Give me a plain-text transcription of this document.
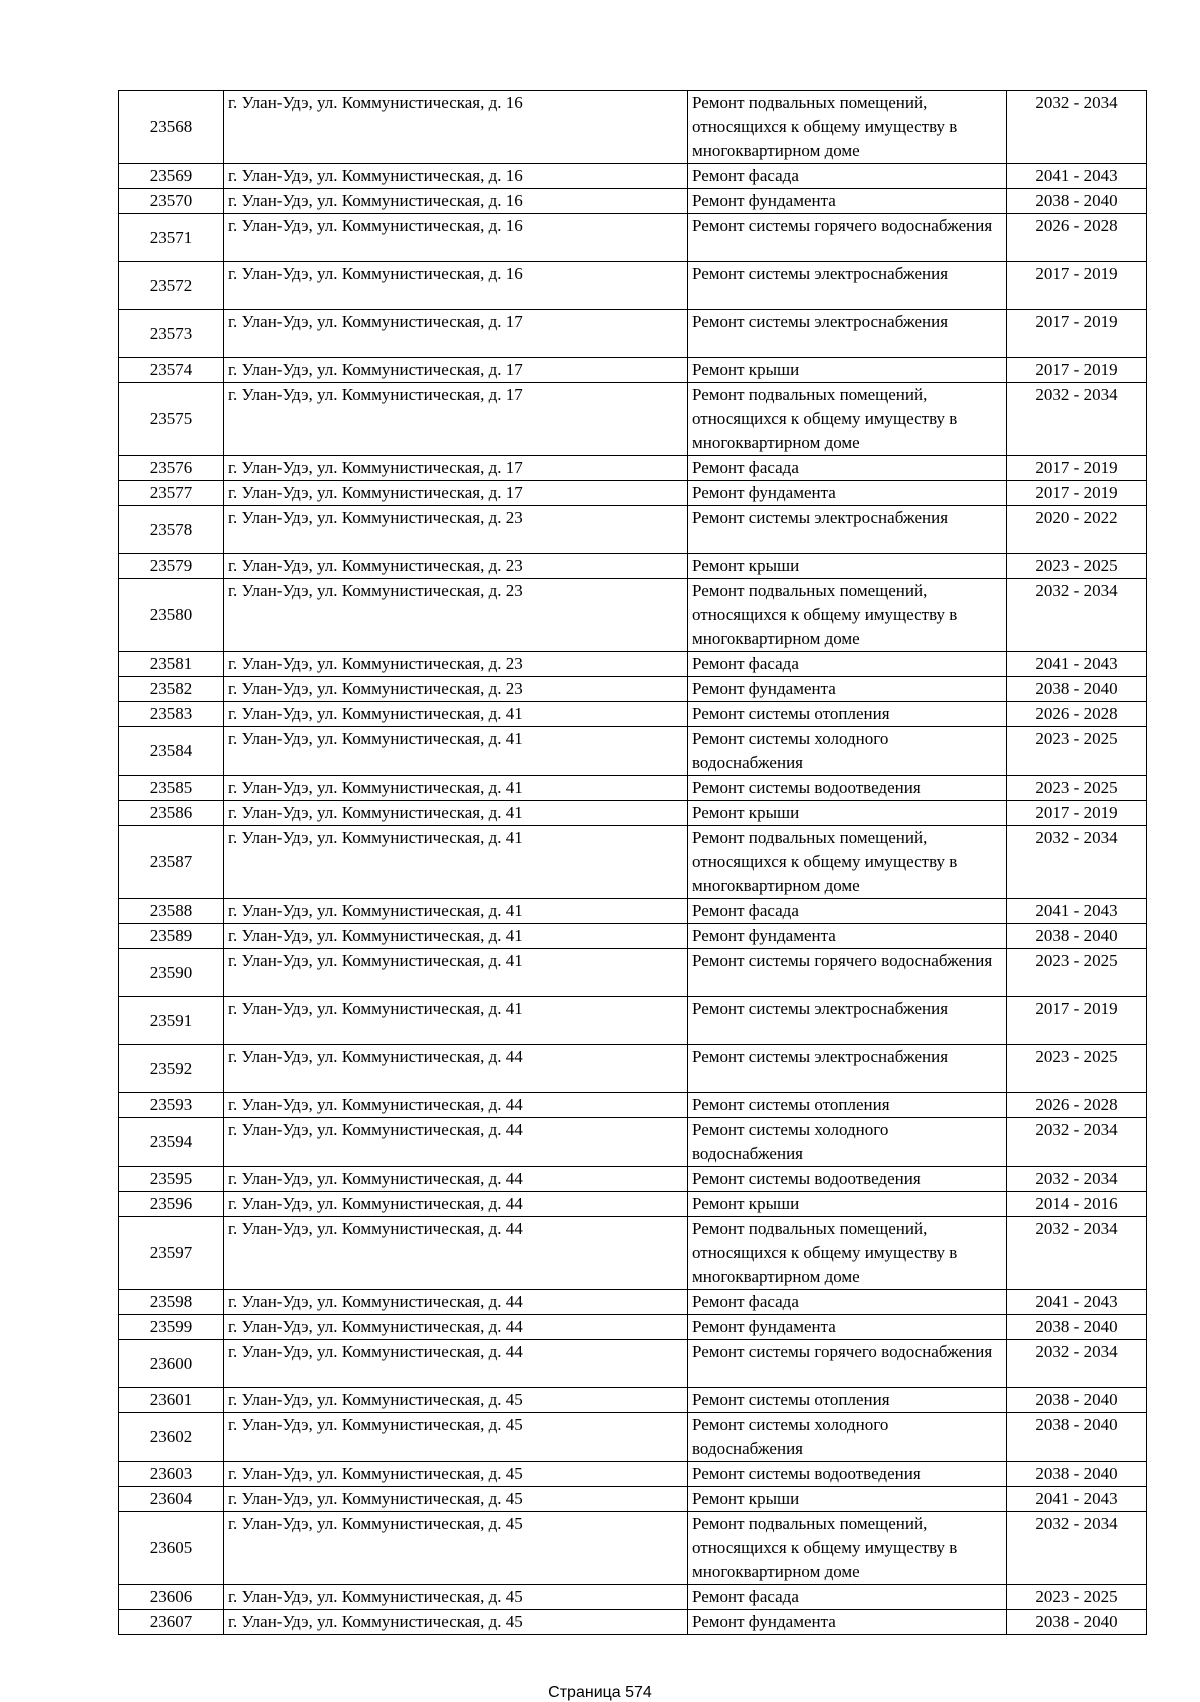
23568	г. Улан-Удэ, ул. Коммунистическая, д. 16	Ремонт подвальных помещений, относящихся к общему имуществу в многоквартирном доме	2032 - 2034
23569	г. Улан-Удэ, ул. Коммунистическая, д. 16	Ремонт фасада	2041 - 2043
23570	г. Улан-Удэ, ул. Коммунистическая, д. 16	Ремонт фундамента	2038 - 2040
23571	г. Улан-Удэ, ул. Коммунистическая, д. 16	Ремонт системы горячего водоснабжения	2026 - 2028
23572	г. Улан-Удэ, ул. Коммунистическая, д. 16	Ремонт системы электроснабжения	2017 - 2019
23573	г. Улан-Удэ, ул. Коммунистическая, д. 17	Ремонт системы электроснабжения	2017 - 2019
23574	г. Улан-Удэ, ул. Коммунистическая, д. 17	Ремонт крыши	2017 - 2019
23575	г. Улан-Удэ, ул. Коммунистическая, д. 17	Ремонт подвальных помещений, относящихся к общему имуществу в многоквартирном доме	2032 - 2034
23576	г. Улан-Удэ, ул. Коммунистическая, д. 17	Ремонт фасада	2017 - 2019
23577	г. Улан-Удэ, ул. Коммунистическая, д. 17	Ремонт фундамента	2017 - 2019
23578	г. Улан-Удэ, ул. Коммунистическая, д. 23	Ремонт системы электроснабжения	2020 - 2022
23579	г. Улан-Удэ, ул. Коммунистическая, д. 23	Ремонт крыши	2023 - 2025
23580	г. Улан-Удэ, ул. Коммунистическая, д. 23	Ремонт подвальных помещений, относящихся к общему имуществу в многоквартирном доме	2032 - 2034
23581	г. Улан-Удэ, ул. Коммунистическая, д. 23	Ремонт фасада	2041 - 2043
23582	г. Улан-Удэ, ул. Коммунистическая, д. 23	Ремонт фундамента	2038 - 2040
23583	г. Улан-Удэ, ул. Коммунистическая, д. 41	Ремонт системы отопления	2026 - 2028
23584	г. Улан-Удэ, ул. Коммунистическая, д. 41	Ремонт системы холодного водоснабжения	2023 - 2025
23585	г. Улан-Удэ, ул. Коммунистическая, д. 41	Ремонт системы водоотведения	2023 - 2025
23586	г. Улан-Удэ, ул. Коммунистическая, д. 41	Ремонт крыши	2017 - 2019
23587	г. Улан-Удэ, ул. Коммунистическая, д. 41	Ремонт подвальных помещений, относящихся к общему имуществу в многоквартирном доме	2032 - 2034
23588	г. Улан-Удэ, ул. Коммунистическая, д. 41	Ремонт фасада	2041 - 2043
23589	г. Улан-Удэ, ул. Коммунистическая, д. 41	Ремонт фундамента	2038 - 2040
23590	г. Улан-Удэ, ул. Коммунистическая, д. 41	Ремонт системы горячего водоснабжения	2023 - 2025
23591	г. Улан-Удэ, ул. Коммунистическая, д. 41	Ремонт системы электроснабжения	2017 - 2019
23592	г. Улан-Удэ, ул. Коммунистическая, д. 44	Ремонт системы электроснабжения	2023 - 2025
23593	г. Улан-Удэ, ул. Коммунистическая, д. 44	Ремонт системы отопления	2026 - 2028
23594	г. Улан-Удэ, ул. Коммунистическая, д. 44	Ремонт системы холодного водоснабжения	2032 - 2034
23595	г. Улан-Удэ, ул. Коммунистическая, д. 44	Ремонт системы водоотведения	2032 - 2034
23596	г. Улан-Удэ, ул. Коммунистическая, д. 44	Ремонт крыши	2014 - 2016
23597	г. Улан-Удэ, ул. Коммунистическая, д. 44	Ремонт подвальных помещений, относящихся к общему имуществу в многоквартирном доме	2032 - 2034
23598	г. Улан-Удэ, ул. Коммунистическая, д. 44	Ремонт фасада	2041 - 2043
23599	г. Улан-Удэ, ул. Коммунистическая, д. 44	Ремонт фундамента	2038 - 2040
23600	г. Улан-Удэ, ул. Коммунистическая, д. 44	Ремонт системы горячего водоснабжения	2032 - 2034
23601	г. Улан-Удэ, ул. Коммунистическая, д. 45	Ремонт системы отопления	2038 - 2040
23602	г. Улан-Удэ, ул. Коммунистическая, д. 45	Ремонт системы холодного водоснабжения	2038 - 2040
23603	г. Улан-Удэ, ул. Коммунистическая, д. 45	Ремонт системы водоотведения	2038 - 2040
23604	г. Улан-Удэ, ул. Коммунистическая, д. 45	Ремонт крыши	2041 - 2043
23605	г. Улан-Удэ, ул. Коммунистическая, д. 45	Ремонт подвальных помещений, относящихся к общему имуществу в многоквартирном доме	2032 - 2034
23606	г. Улан-Удэ, ул. Коммунистическая, д. 45	Ремонт фасада	2023 - 2025
23607	г. Улан-Удэ, ул. Коммунистическая, д. 45	Ремонт фундамента	2038 - 2040
Страница 574
